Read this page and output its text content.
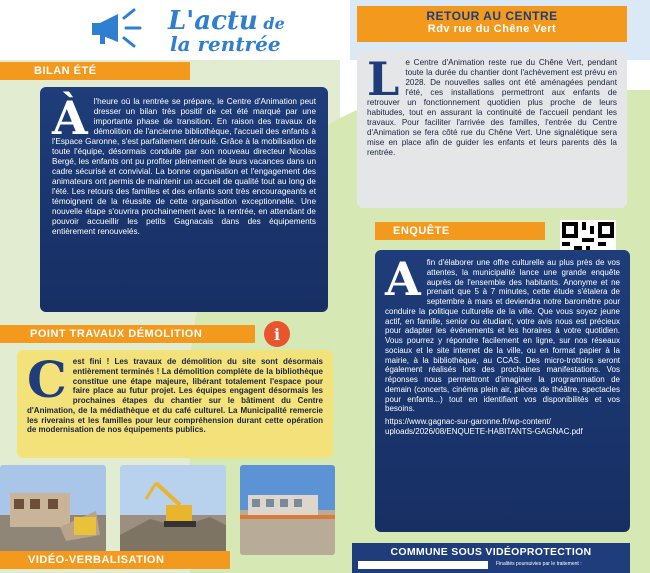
L'actu de
la rentrée
BILAN ÉTÉ
À l'heure où la rentrée se prépare, le Centre d'Animation peut dresser un bilan très positif de cet été marqué par une importante phase de transition. En raison des travaux de démolition de l'ancienne bibliothèque, l'accueil des enfants à l'Espace Garonne, s'est parfaitement déroulé. Grâce à la mobilisation de toute l'équipe, désormais conduite par son nouveau directeur Nicolas Bergé, les enfants ont pu profiter pleinement de leurs vacances dans un cadre sécurisé et convivial. La bonne organisation et l'engagement des animateurs ont permis de maintenir un accueil de qualité tout au long de l'été. Les retours des familles et des enfants sont très encourageants et témoignent de la réussite de cette organisation exceptionnelle. Une nouvelle étape s'ouvrira prochainement avec la rentrée, en attendant de pouvoir accueillir les petits Gagnacais dans des équipements entièrement renouvelés.
POINT TRAVAUX DÉMOLITION	i
C est fini ! Les travaux de démolition du site sont désormais entièrement terminés ! La démolition complète de la bibliothèque constitue une étape majeure, libérant totalement l'espace pour faire place au futur projet. Les équipes engagent désormais les prochaines étapes du chantier sur le bâtiment du Centre d'Animation, de la médiathèque et du café culturel. La Municipalité remercie les riverains et les familles pour leur compréhension durant cette opération de modernisation de nos équipements publics.
VIDÉO-VERBALISATION
RETOUR AU CENTRE
Rdv rue du Chêne Vert
L e Centre d'Animation reste rue du Chêne Vert, pendant toute la durée du chantier dont l'achèvement est prévu en 2028. De nouvelles salles ont été aménagées pendant l'été, ces installations permettront aux enfants de retrouver un fonctionnement quotidien plus proche de leurs habitudes, tout en assurant la continuité de l'accueil pendant les travaux. Pour faciliter l'arrivée des familles, l'entrée du Centre d'Animation se fera côté rue du Chêne Vert. Une signalétique sera mise en place afin de guider les enfants et leurs parents dès la rentrée.
ENQUÊTE
A fin d'élaborer une offre culturelle au plus près de vos attentes, la municipalité lance une grande enquête auprès de l'ensemble des habitants. Anonyme et ne prenant que 5 à 7 minutes, cette étude s'étalera de septembre à mars et deviendra notre baromètre pour conduire la politique culturelle de la ville. Que vous soyez jeune actif, en famille, senior ou étudiant, votre avis nous est précieux pour adapter les événements et les horaires à votre quotidien. Vous pourrez y répondre facilement en ligne, sur nos réseaux sociaux et le site internet de la ville, ou en format papier à la mairie, à la bibliothèque, au CCAS. Des micro-trottoirs seront également réalisés lors des prochaines manifestations. Vos réponses nous permettront d'imaginer la programmation de demain (concerts, cinéma plein air, pièces de théâtre, spectacles pour enfants...) tout en identifiant vos disponibilités et vos besoins.
https://www.gagnac-sur-garonne.fr/wp-content/
uploads/2026/08/ENQUETE-HABITANTS-GAGNAC.pdf
COMMUNE SOUS VIDÉOPROTECTION
Finalités poursuivies par le traitement :
